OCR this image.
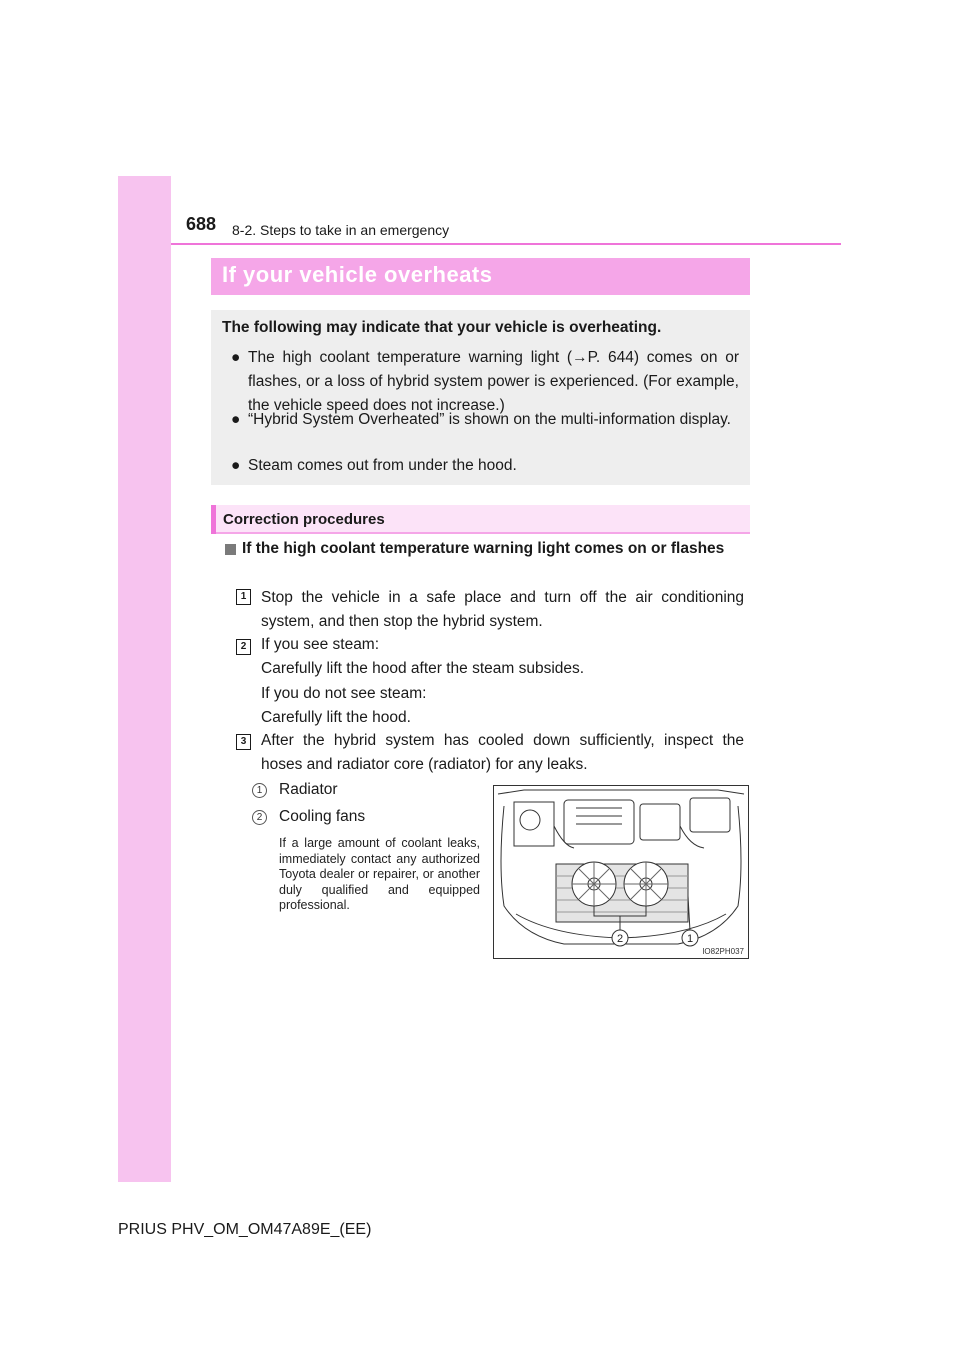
688 8-2. Steps to take in an emergency
If your vehicle overheats
The following may indicate that your vehicle is overheating.
● The high coolant temperature warning light (→P. 644) comes on or flashes, or a loss of hybrid system power is experienced. (For example, the vehicle speed does not increase.)
● “Hybrid System Overheated” is shown on the multi-information display.
● Steam comes out from under the hood.
Correction procedures
If the high coolant temperature warning light comes on or flashes
1 Stop the vehicle in a safe place and turn off the air conditioning system, and then stop the hybrid system.
2 If you see steam:
Carefully lift the hood after the steam subsides.
If you do not see steam:
Carefully lift the hood.
3 After the hybrid system has cooled down sufficiently, inspect the hoses and radiator core (radiator) for any leaks.
1	Radiator
2	Cooling fans
If a large amount of coolant leaks, immediately contact any authorized Toyota dealer or repairer, or another duly qualified and equipped professional.
2	1
IO82PH037
PRIUS PHV_OM_OM47A89E_(EE)
